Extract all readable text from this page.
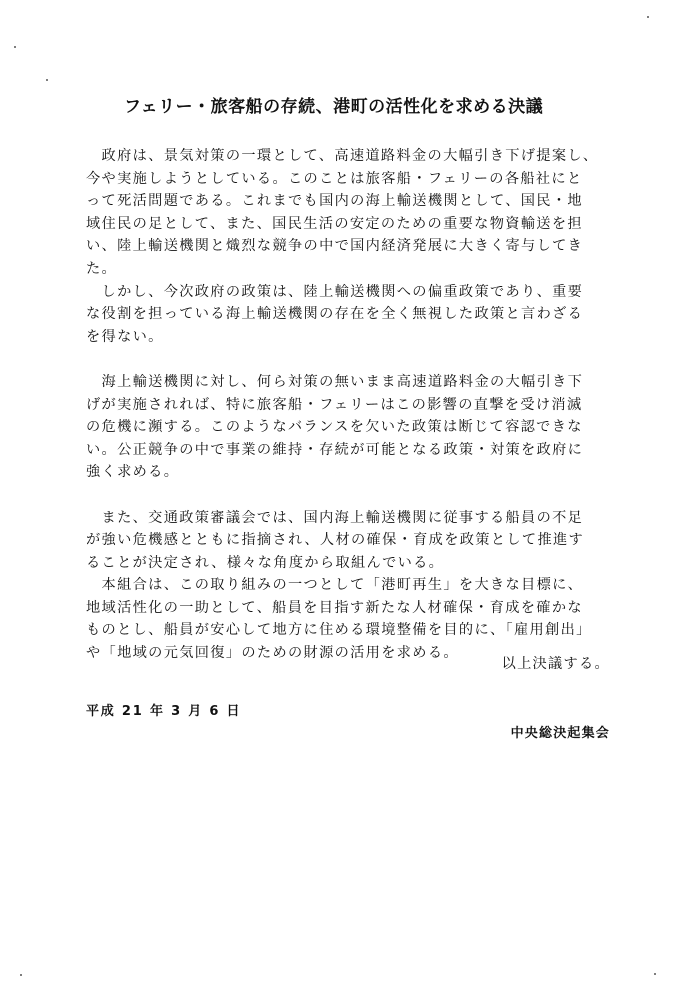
フェリー・旅客船の存続、港町の活性化を求める決議
　政府は、景気対策の一環として、高速道路料金の大幅引き下げ提案し、
今や実施しようとしている。このことは旅客船・フェリーの各船社にと
って死活問題である。これまでも国内の海上輸送機関として、国民・地
域住民の足として、また、国民生活の安定のための重要な物資輸送を担
い、陸上輸送機関と熾烈な競争の中で国内経済発展に大きく寄与してき
た。
　しかし、今次政府の政策は、陸上輸送機関への偏重政策であり、重要
な役割を担っている海上輸送機関の存在を全く無視した政策と言わざる
を得ない。
　海上輸送機関に対し、何ら対策の無いまま高速道路料金の大幅引き下
げが実施されれば、特に旅客船・フェリーはこの影響の直撃を受け消滅
の危機に瀕する。このようなバランスを欠いた政策は断じて容認できな
い。公正競争の中で事業の維持・存続が可能となる政策・対策を政府に
強く求める。
　また、交通政策審議会では、国内海上輸送機関に従事する船員の不足
が強い危機感とともに指摘され、人材の確保・育成を政策として推進す
ることが決定され、様々な角度から取組んでいる。
　本組合は、この取り組みの一つとして「港町再生」を大きな目標に、
地域活性化の一助として、船員を目指す新たな人材確保・育成を確かな
ものとし、船員が安心して地方に住める環境整備を目的に、「雇用創出」
や「地域の元気回復」のための財源の活用を求める。
以上決議する。
平成 21 年 3 月 6 日
中央総決起集会
